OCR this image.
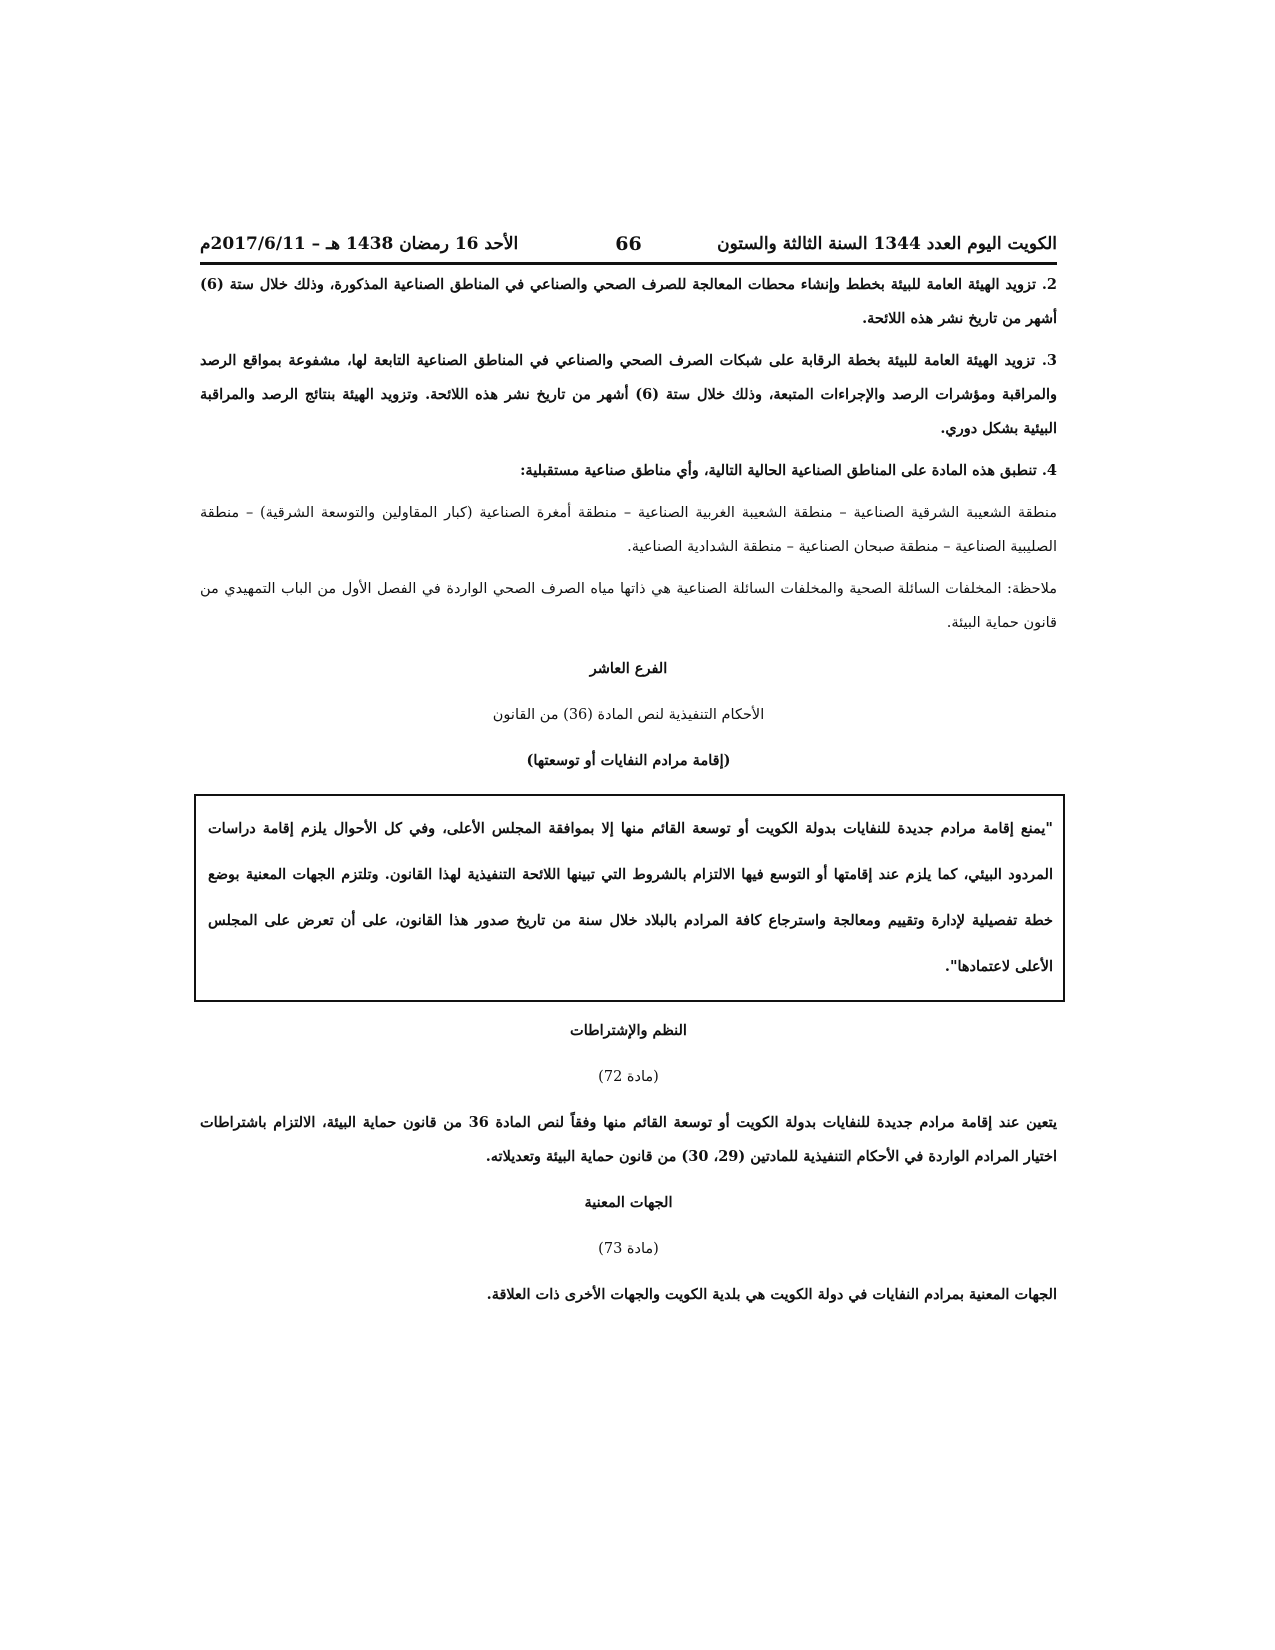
الكويت اليوم العدد 1344 السنة الثالثة والستون
66
الأحد 16 رمضان 1438 هـ – 2017/6/11م

2. تزويد الهيئة العامة للبيئة بخطط وإنشاء محطات المعالجة للصرف الصحي والصناعي في المناطق الصناعية المذكورة، وذلك خلال ستة (6) أشهر من تاريخ نشر هذه اللائحة.

3. تزويد الهيئة العامة للبيئة بخطة الرقابة على شبكات الصرف الصحي والصناعي في المناطق الصناعية التابعة لها، مشفوعة بمواقع الرصد والمراقبة ومؤشرات الرصد والإجراءات المتبعة، وذلك خلال ستة (6) أشهر من تاريخ نشر هذه اللائحة. وتزويد الهيئة بنتائج الرصد والمراقبة البيئية بشكل دوري.

4. تنطبق هذه المادة على المناطق الصناعية الحالية التالية، وأي مناطق صناعية مستقبلية:

منطقة الشعيبة الشرقية الصناعية – منطقة الشعيبة الغربية الصناعية – منطقة أمغرة الصناعية (كبار المقاولين والتوسعة الشرقية) – منطقة الصليبية الصناعية – منطقة صبحان الصناعية – منطقة الشدادية الصناعية.

ملاحظة: المخلفات السائلة الصحية والمخلفات السائلة الصناعية هي ذاتها مياه الصرف الصحي الواردة في الفصل الأول من الباب التمهيدي من قانون حماية البيئة.

الفرع العاشر
الأحكام التنفيذية لنص المادة (36) من القانون
(إقامة مرادم النفايات أو توسعتها)
"يمنع إقامة مرادم جديدة للنفايات بدولة الكويت أو توسعة القائم منها إلا بموافقة المجلس الأعلى، وفي كل الأحوال يلزم إقامة دراسات المردود البيئي، كما يلزم عند إقامتها أو التوسع فيها الالتزام بالشروط التي تبينها اللائحة التنفيذية لهذا القانون. وتلتزم الجهات المعنية بوضع خطة تفصيلية لإدارة وتقييم ومعالجة واسترجاع كافة المرادم بالبلاد خلال سنة من تاريخ صدور هذا القانون، على أن تعرض على المجلس الأعلى لاعتمادها".
النظم والإشتراطات
(مادة 72)

يتعين عند إقامة مرادم جديدة للنفايات بدولة الكويت أو توسعة القائم منها وفقاً لنص المادة 36 من قانون حماية البيئة، الالتزام باشتراطات اختيار المرادم الواردة في الأحكام التنفيذية للمادتين (29، 30) من قانون حماية البيئة وتعديلاته.

الجهات المعنية
(مادة 73)

الجهات المعنية بمرادم النفايات في دولة الكويت هي بلدية الكويت والجهات الأخرى ذات العلاقة.
